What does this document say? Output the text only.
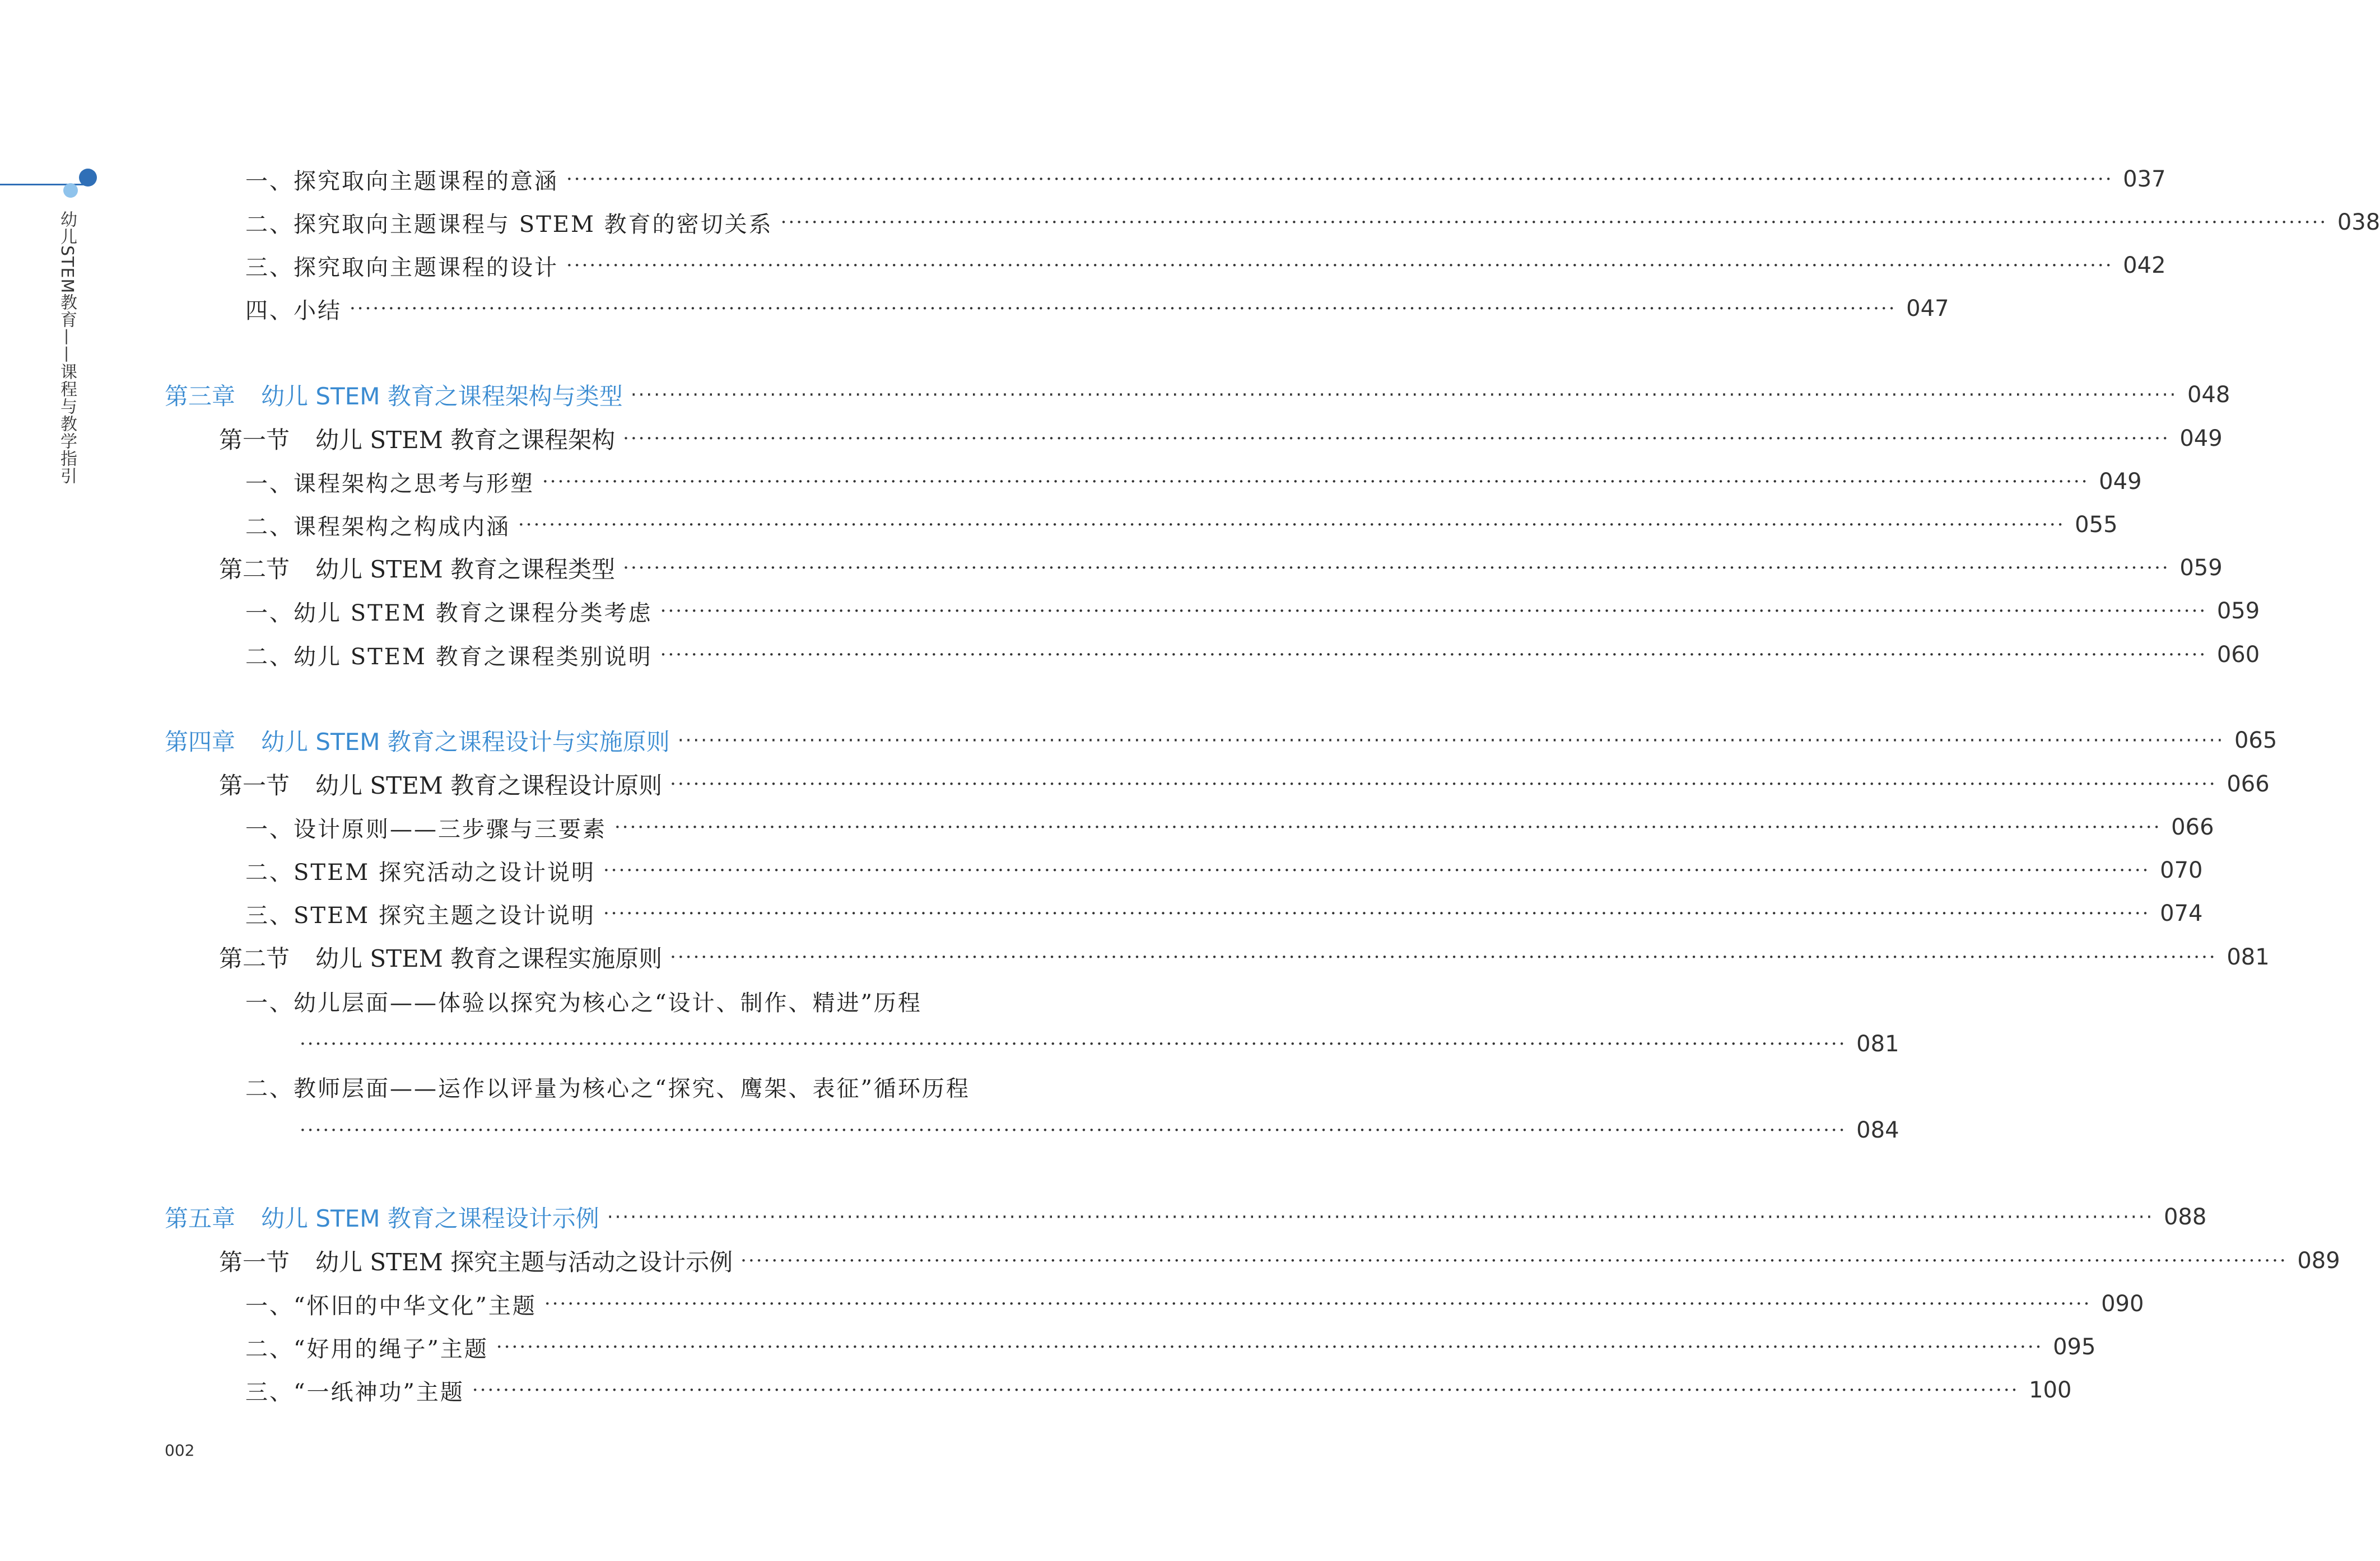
幼儿STEM教育——课程与教学指引
一、探究取向主题课程的意涵 ········································································································································································································ 037
二、探究取向主题课程与 STEM 教育的密切关系 ········································································································································································································ 038
三、探究取向主题课程的设计 ········································································································································································································ 042
四、小结 ········································································································································································································ 047
第三章 幼儿 STEM 教育之课程架构与类型 ········································································································································································································ 048
第一节 幼儿 STEM 教育之课程架构 ········································································································································································································ 049
一、课程架构之思考与形塑 ········································································································································································································ 049
二、课程架构之构成内涵 ········································································································································································································ 055
第二节 幼儿 STEM 教育之课程类型 ········································································································································································································ 059
一、幼儿 STEM 教育之课程分类考虑 ········································································································································································································ 059
二、幼儿 STEM 教育之课程类别说明 ········································································································································································································ 060
第四章 幼儿 STEM 教育之课程设计与实施原则 ········································································································································································································ 065
第一节 幼儿 STEM 教育之课程设计原则 ········································································································································································································ 066
一、设计原则——三步骤与三要素 ········································································································································································································ 066
二、STEM 探究活动之设计说明 ········································································································································································································ 070
三、STEM 探究主题之设计说明 ········································································································································································································ 074
第二节 幼儿 STEM 教育之课程实施原则 ········································································································································································································ 081
一、幼儿层面——体验以探究为核心之“设计、制作、精进”历程
········································································································································································································ 081
二、教师层面——运作以评量为核心之“探究、鹰架、表征”循环历程
········································································································································································································ 084
第五章 幼儿 STEM 教育之课程设计示例 ········································································································································································································ 088
第一节 幼儿 STEM 探究主题与活动之设计示例 ········································································································································································································ 089
一、“怀旧的中华文化”主题 ········································································································································································································ 090
二、“好用的绳子”主题 ········································································································································································································ 095
三、“一纸神功”主题 ········································································································································································································ 100
002
